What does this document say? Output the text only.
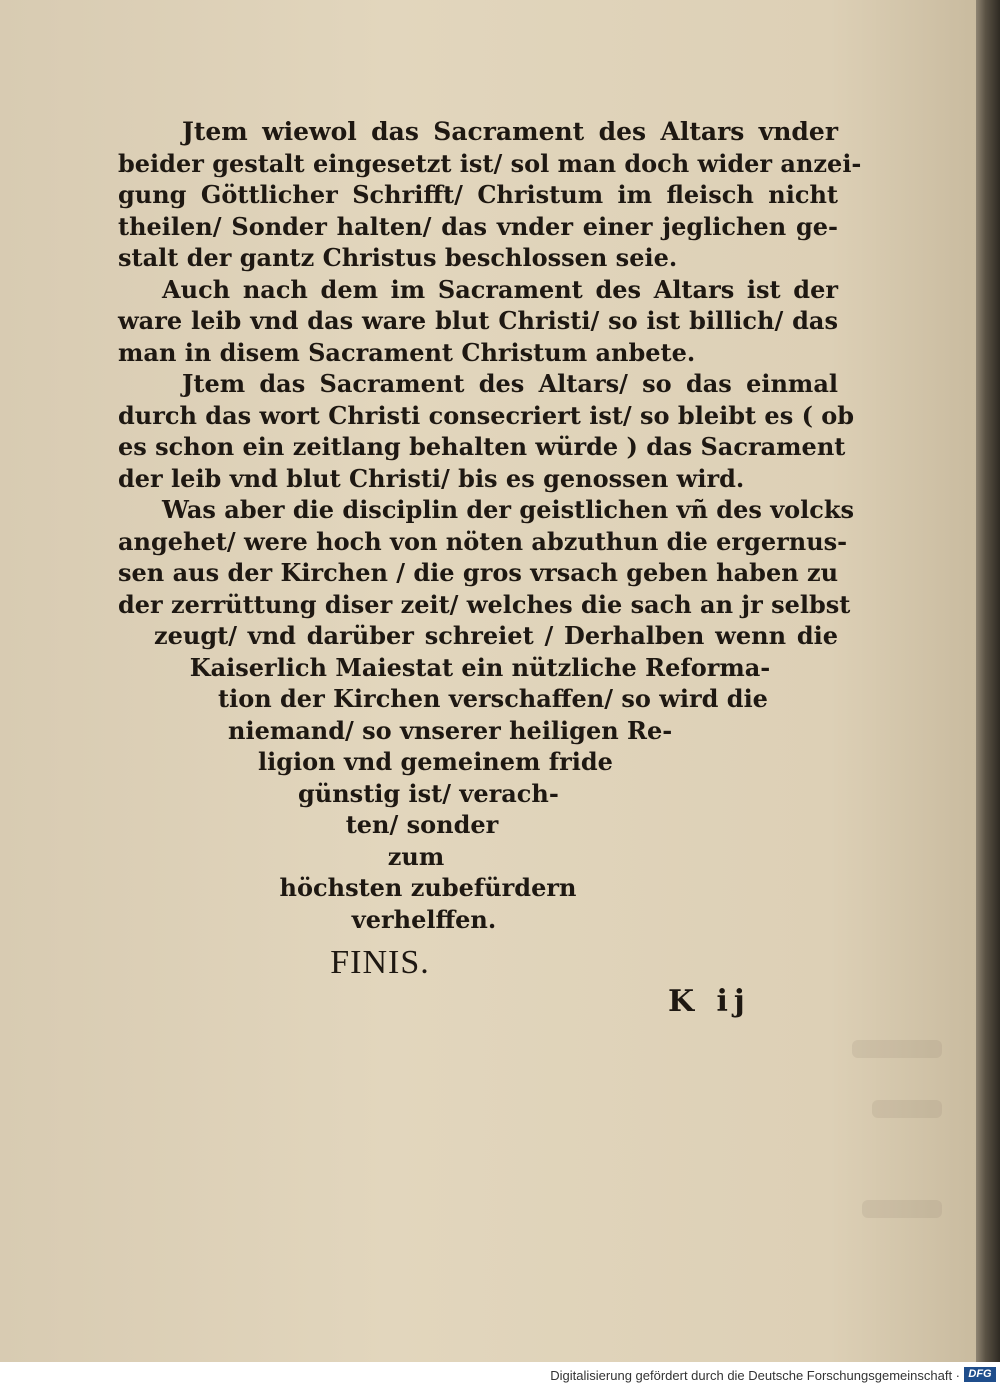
Jtem wiewol das Sacrament des Altars vnder
beider gestalt eingesetzt ist/ sol man doch wider anzei-
gung Göttlicher Schrifft/ Christum im fleisch nicht
theilen/ Sonder halten/ das vnder einer jeglichen ge-
stalt der gantz Christus beschlossen seie.
Auch nach dem im Sacrament des Altars ist der
ware leib vnd das ware blut Christi/ so ist billich/ das
man in disem Sacrament Christum anbete.
Jtem das Sacrament des Altars/ so das einmal
durch das wort Christi consecriert ist/ so bleibt es ( ob
es schon ein zeitlang behalten würde ) das Sacrament
der leib vnd blut Christi/ bis es genossen wird.
Was aber die disciplin der geistlichen vñ des volcks
angehet/ were hoch von nöten abzuthun die ergernus-
sen aus der Kirchen / die gros vrsach geben haben zu
der zerrüttung diser zeit/ welches die sach an jr selbst
zeugt/ vnd darüber schreiet / Derhalben wenn die
Kaiserlich Maiestat ein nützliche Reforma-
tion der Kirchen verschaffen/ so wird die
niemand/ so vnserer heiligen Re-
ligion vnd gemeinem fride
günstig ist/ verach-
ten/ sonder
zum
höchsten zubefürdern
verhelffen.
FINIS.
K ij
Digitalisierung gefördert durch die Deutsche Forschungsgemeinschaft · DFG
